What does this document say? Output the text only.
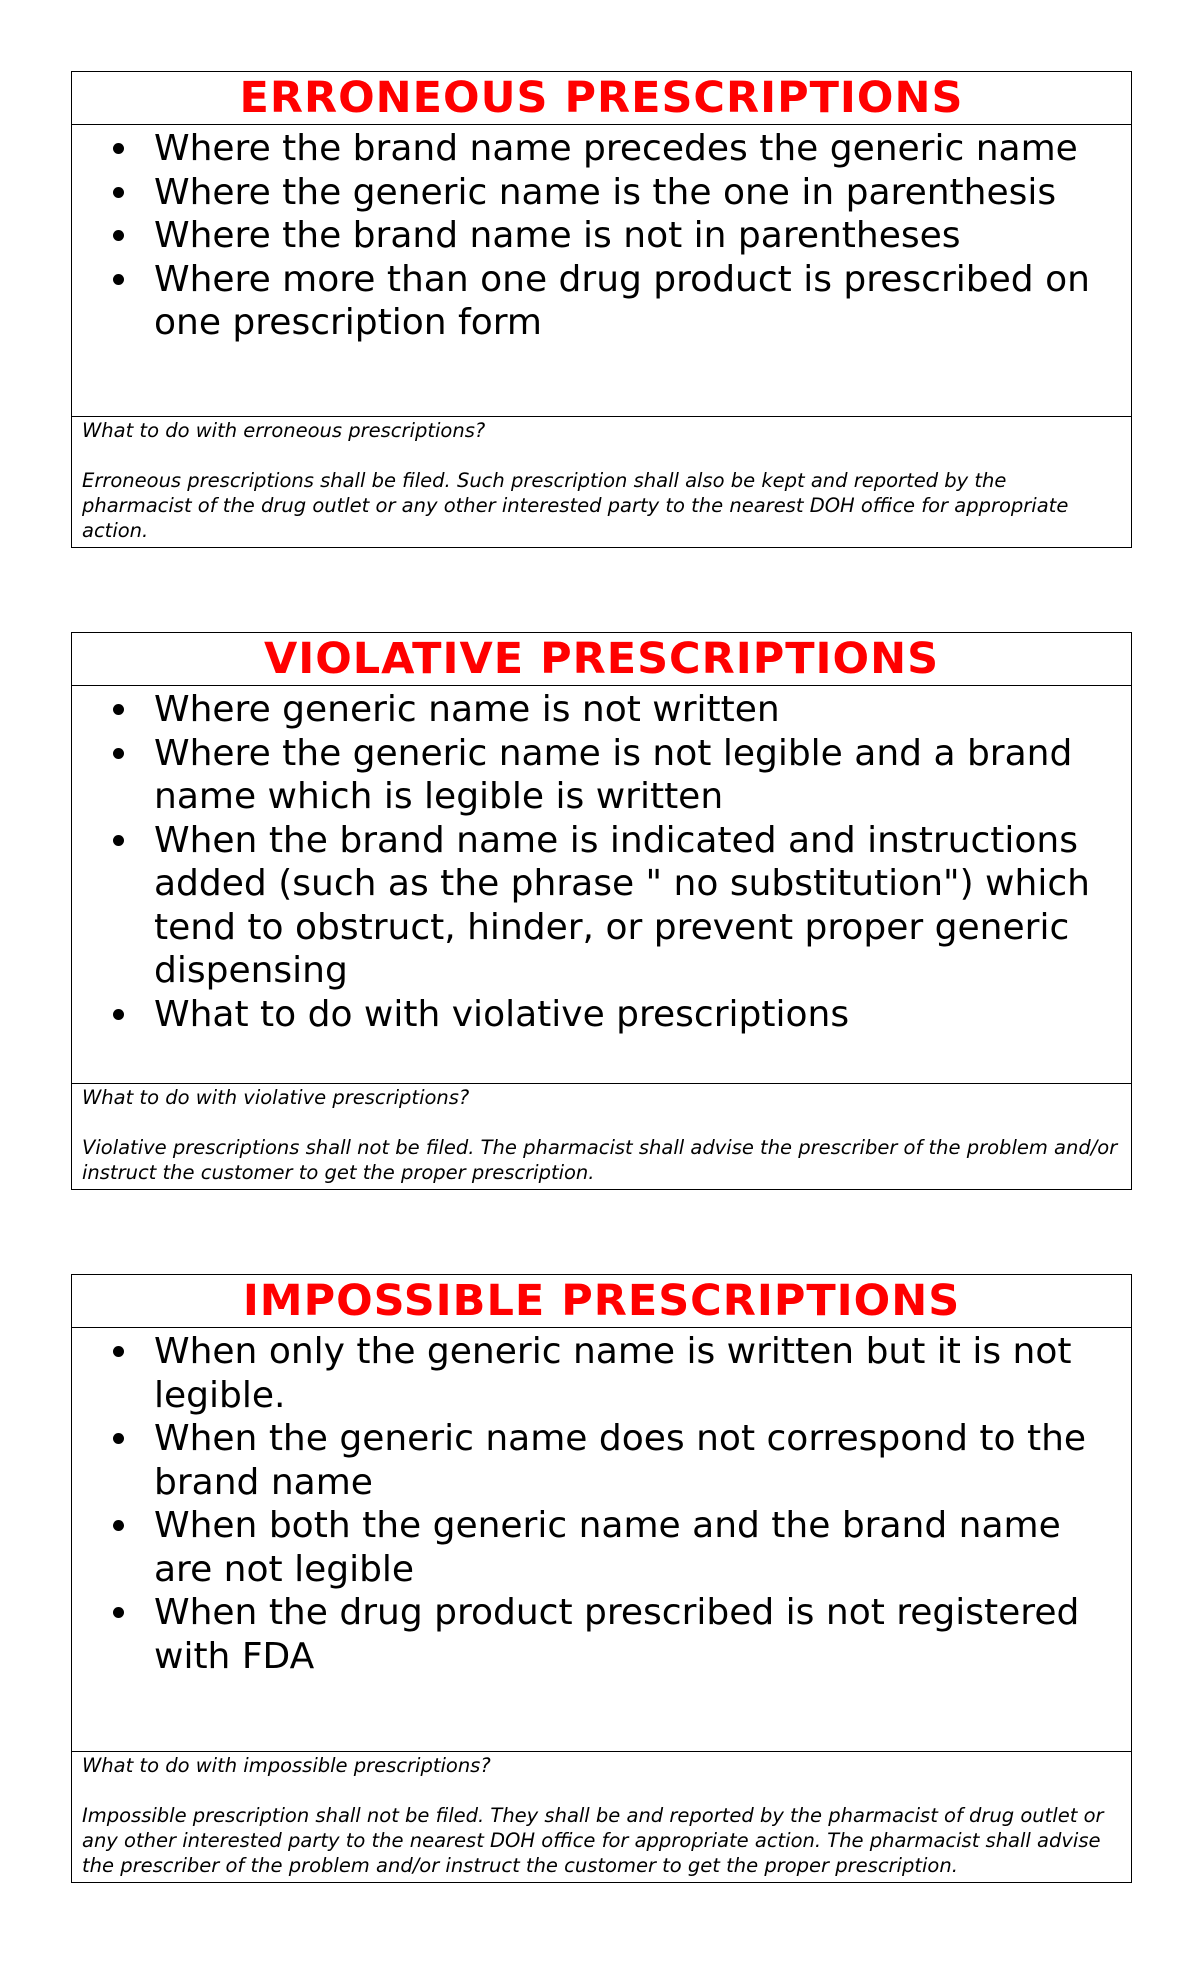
ERRONEOUS PRESCRIPTIONS
Where the brand name precedes the generic name
Where the generic name is the one in parenthesis
Where the brand name is not in parentheses
Where more than one drug product is prescribed on one prescription form

What to do with erroneous prescriptions?

Erroneous prescriptions shall be filed. Such prescription shall also be kept and reported by the pharmacist of the drug outlet or any other interested party to the nearest DOH office for appropriate action.

VIOLATIVE PRESCRIPTIONS
Where generic name is not written
Where the generic name is not legible and a brand name which is legible is written
When the brand name is indicated and instructions added (such as the phrase " no substitution") which tend to obstruct, hinder, or prevent proper generic dispensing
What to do with violative prescriptions

What to do with violative prescriptions?

Violative prescriptions shall not be filed. The pharmacist shall advise the prescriber of the problem and/or instruct the customer to get the proper prescription.

IMPOSSIBLE PRESCRIPTIONS
When only the generic name is written but it is not legible.
When the generic name does not correspond to the brand name
When both the generic name and the brand name are not legible
When the drug product prescribed is not registered with FDA

What to do with impossible prescriptions?

Impossible prescription shall not be filed. They shall be and reported by the pharmacist of drug outlet or any other interested party to the nearest DOH office for appropriate action. The pharmacist shall advise the prescriber of the problem and/or instruct the customer to get the proper prescription.
